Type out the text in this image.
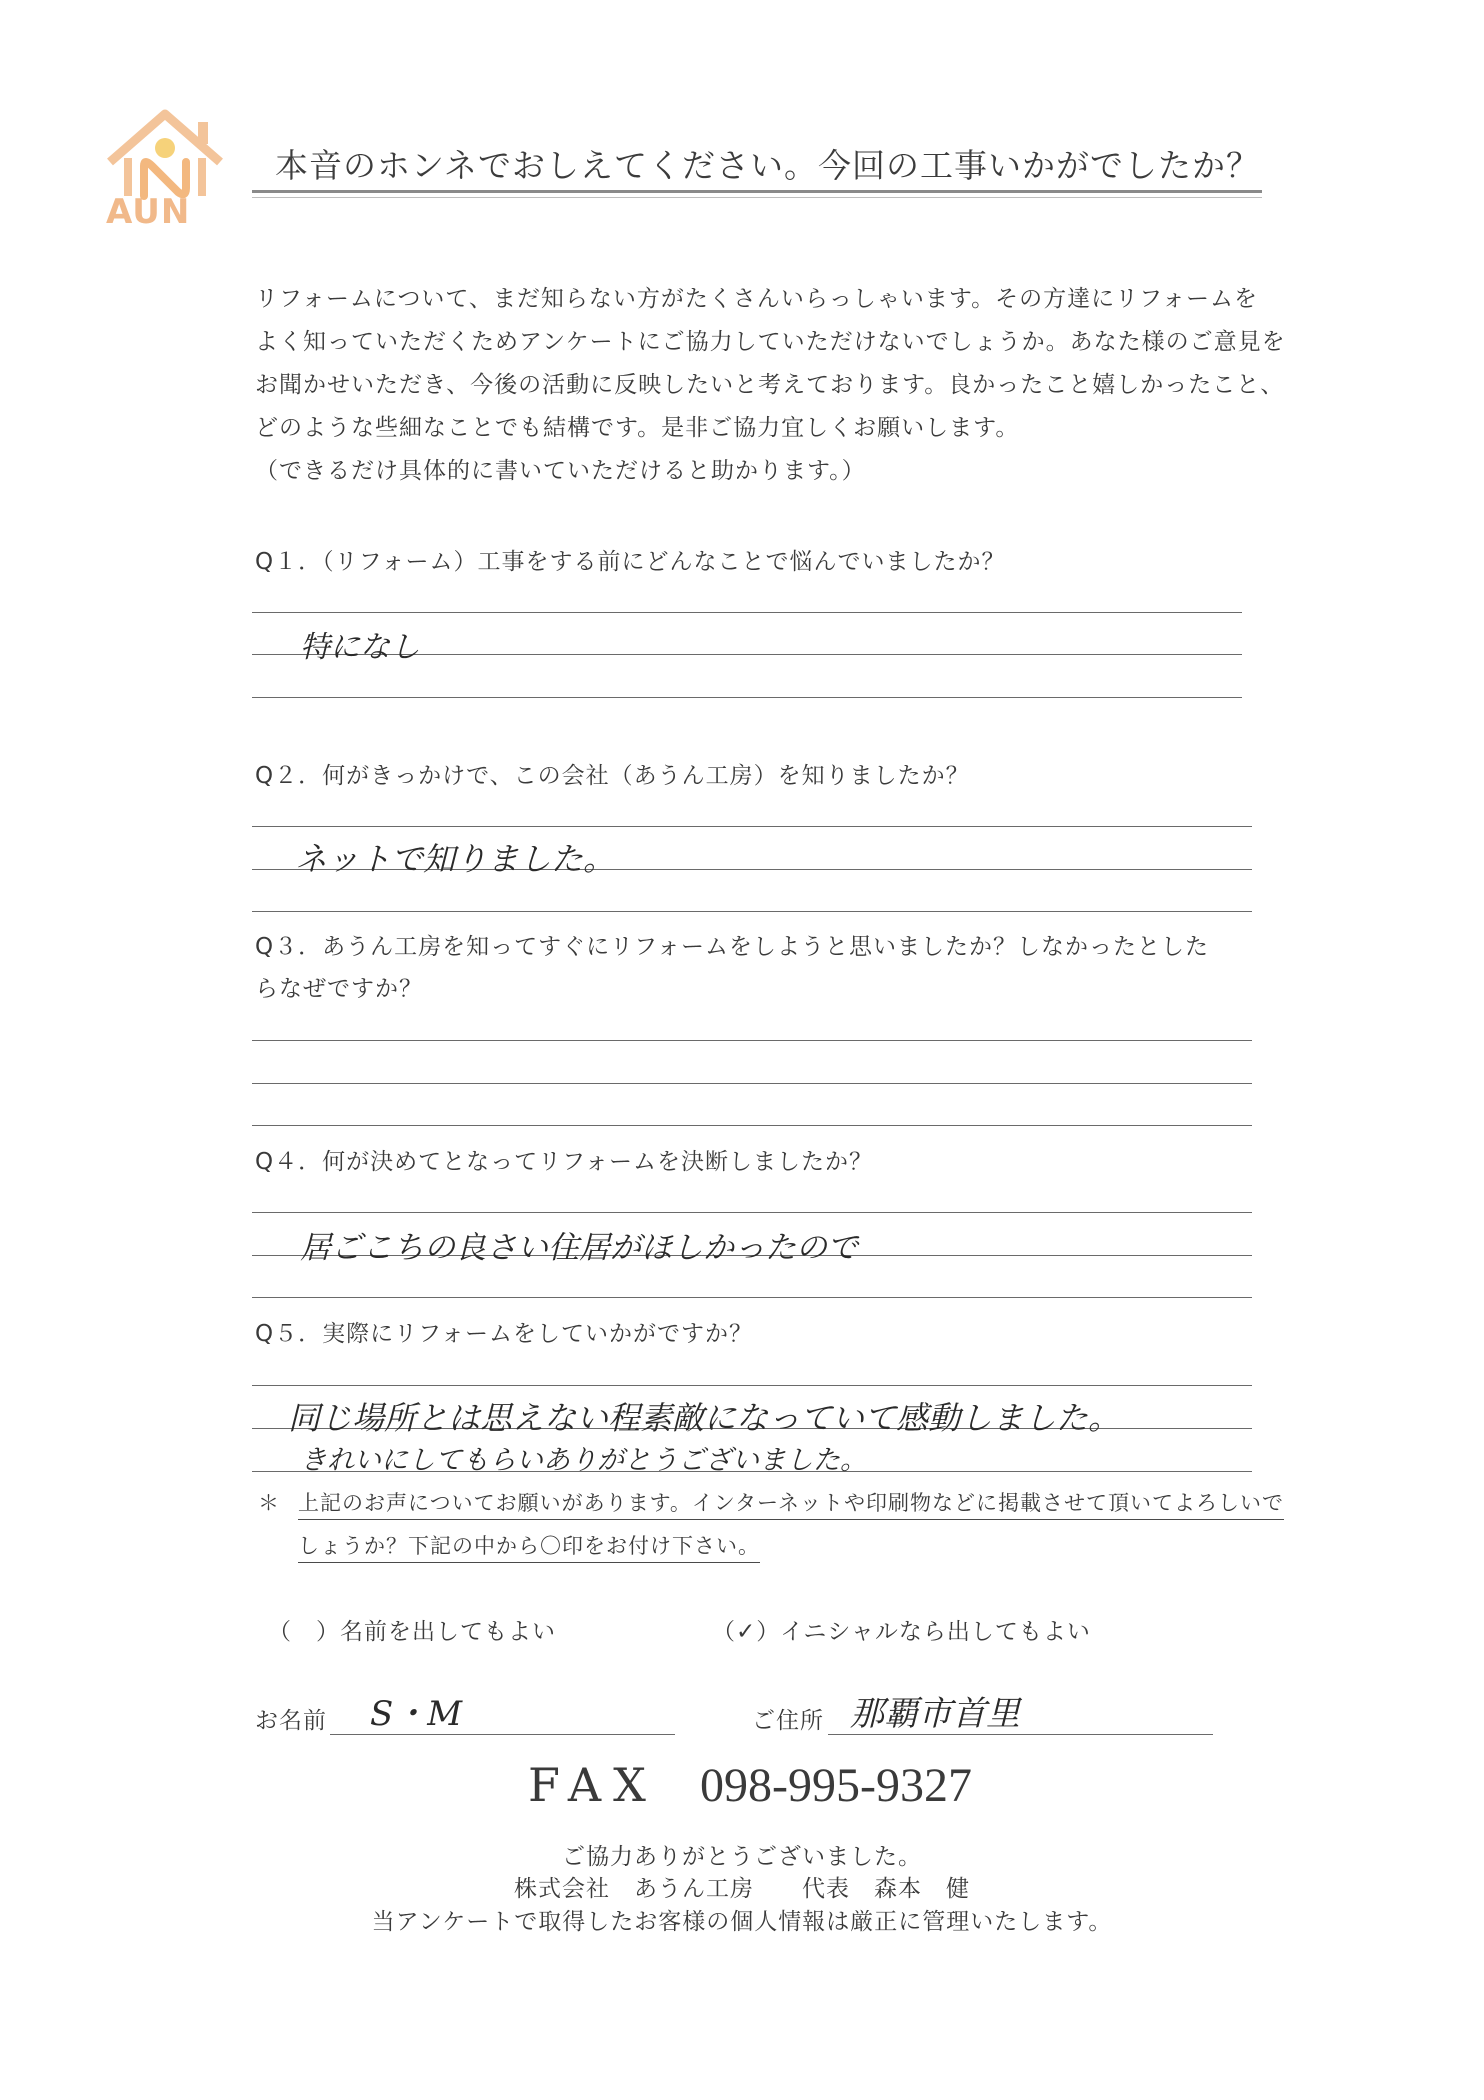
AUN
本音のホンネでおしえてください。今回の工事いかがでしたか？
リフォームについて、まだ知らない方がたくさんいらっしゃいます。その方達にリフォームを
よく知っていただくためアンケートにご協力していただけないでしょうか。あなた様のご意見を
お聞かせいただき、今後の活動に反映したいと考えております。良かったこと嬉しかったこと、
どのような些細なことでも結構です。是非ご協力宜しくお願いします。
（できるだけ具体的に書いていただけると助かります。）
Q１．（リフォーム）工事をする前にどんなことで悩んでいましたか？
特になし
Q２．何がきっかけで、この会社（あうん工房）を知りましたか？
ネットで知りました。
Q３．あうん工房を知ってすぐにリフォームをしようと思いましたか？しなかったとした
らなぜですか？
Q４．何が決めてとなってリフォームを決断しましたか？
居ごこちの良さい住居がほしかったので
Q５．実際にリフォームをしていかがですか？
同じ場所とは思えない程素敵になっていて感動しました。
きれいにしてもらいありがとうございました。
＊ 上記のお声についてお願いがあります。インターネットや印刷物などに掲載させて頂いてよろしいで
しょうか？下記の中から〇印をお付け下さい。
（　）名前を出してもよい	（✓）イニシャルなら出してもよい
お名前 S・M	ご住所 那覇市首里
FAX 098-995-9327
ご協力ありがとうございました。
株式会社　あうん工房　　代表　森本　健
当アンケートで取得したお客様の個人情報は厳正に管理いたします。
